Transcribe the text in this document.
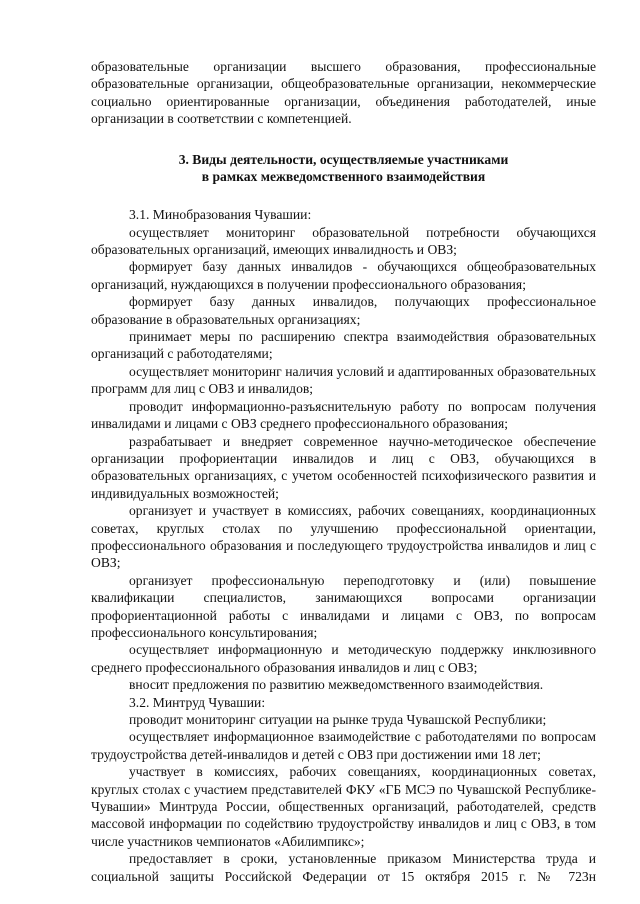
образовательные организации высшего образования, профессиональные образовательные организации, общеобразовательные организации, некоммерческие социально ориентированные организации, объединения работодателей, иные организации в соответствии с компетенцией.

3. Виды деятельности, осуществляемые участниками
в рамках межведомственного взаимодействия

3.1. Минобразования Чувашии:

осуществляет мониторинг образовательной потребности обучающихся образовательных организаций, имеющих инвалидность и ОВЗ;

формирует базу данных инвалидов - обучающихся общеобразовательных организаций, нуждающихся в получении профессионального образования;

формирует базу данных инвалидов, получающих профессиональное образование в образовательных организациях;

принимает меры по расширению спектра взаимодействия образовательных организаций с работодателями;

осуществляет мониторинг наличия условий и адаптированных образовательных программ для лиц с ОВЗ и инвалидов;

проводит информационно-разъяснительную работу по вопросам получения инвалидами и лицами с ОВЗ среднего профессионального образования;

разрабатывает и внедряет современное научно-методическое обеспечение организации профориентации инвалидов и лиц с ОВЗ, обучающихся в образовательных организациях, с учетом особенностей психофизического развития и индивидуальных возможностей;

организует и участвует в комиссиях, рабочих совещаниях, координационных советах, круглых столах по улучшению профессиональной ориентации, профессионального образования и последующего трудоустройства инвалидов и лиц с ОВЗ;

организует профессиональную переподготовку и (или) повышение квалификации специалистов, занимающихся вопросами организации профориентационной работы с инвалидами и лицами с ОВЗ, по вопросам профессионального консультирования;

осуществляет информационную и методическую поддержку инклюзивного среднего профессионального образования инвалидов и лиц с ОВЗ;

вносит предложения по развитию межведомственного взаимодействия.

3.2. Минтруд Чувашии:

проводит мониторинг ситуации на рынке труда Чувашской Республики;

осуществляет информационное взаимодействие с работодателями по вопросам трудоустройства детей-инвалидов и детей с ОВЗ при достижении ими 18 лет;

участвует в комиссиях, рабочих совещаниях, координационных советах, круглых столах с участием представителей ФКУ «ГБ МСЭ по Чувашской Республике-Чувашии» Минтруда России, общественных организаций, работодателей, средств массовой информации по содействию трудоустройству инвалидов и лиц с ОВЗ, в том числе участников чемпионатов «Абилимпикс»;

предоставляет в сроки, установленные приказом Министерства труда и социальной защиты Российской Федерации от 15 октября 2015 г. № 723н
